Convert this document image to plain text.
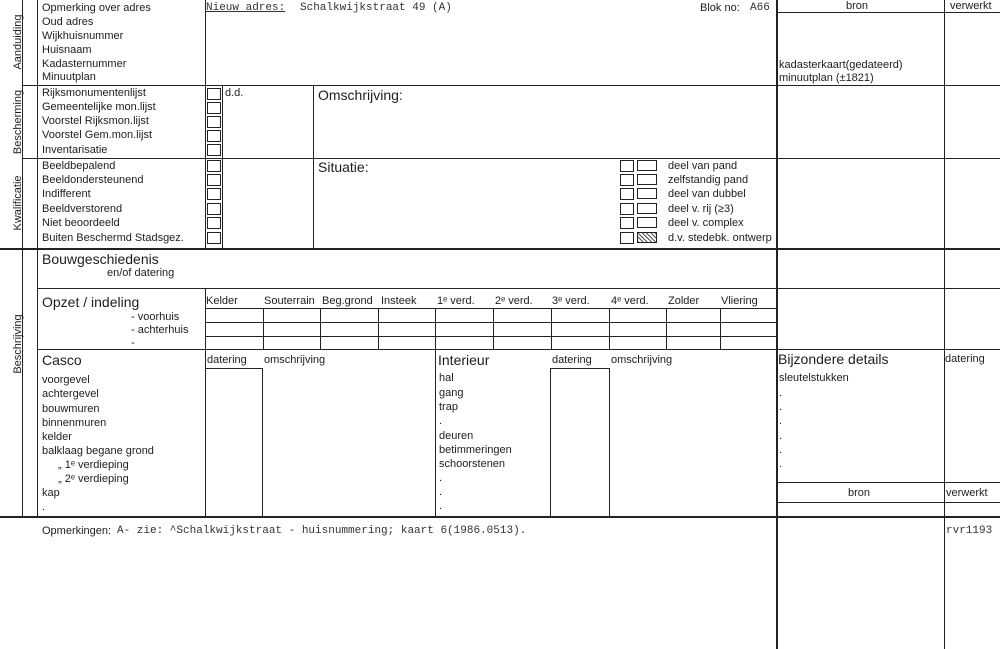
Aanduiding
Bescherming
Kwalificatie
Beschrijving
Opmerking over adres
Oud adres
Wijkhuisnummer
Huisnaam
Kadasternummer
Minuutplan
Nieuw adres: Schalkwijkstraat 49 (A)	Blok no: A66	bron	verwerkt
kadasterkaart(gedateerd)
minuutplan (±1821)
Rijksmonumentenlijst
Gemeentelijke mon.lijst
Voorstel Rijksmon.lijst
Voorstel Gem.mon.lijst
Inventarisatie
d.d.	Omschrijving:
Beeldbepalend
Beeldondersteunend
Indifferent
Beeldverstorend
Niet beoordeeld
Buiten Beschermd Stadsgez.
Situatie:	deel van pand
zelfstandig pand
deel van dubbel
deel v. rij (≥3)
deel v. complex
d.v. stedebk. ontwerp
Bouwgeschiedenis
en/of datering
Opzet / indeling
- voorhuis
- achterhuis
-
Kelder Souterrain Beg.grond Insteek 1ᵉ verd. 2ᵉ verd. 3ᵉ verd. 4ᵉ verd. Zolder Vliering
Casco	datering omschrijving
voorgevel
achtergevel
bouwmuren
binnenmuren
kelder
balklaag begane grond
„ 1ᵉ verdieping
„ 2ᵉ verdieping
kap
.
Interieur	datering omschrijving
hal
gang
trap
.
deuren
betimmeringen
schoorstenen
.
.
.
Bijzondere details	datering
sleutelstukken
.
.
.
.
.
.
bron	verwerkt
Opmerkingen: A- zie: ^Schalkwijkstraat - huisnummering; kaart 6(1986.0513).	rvr1193
